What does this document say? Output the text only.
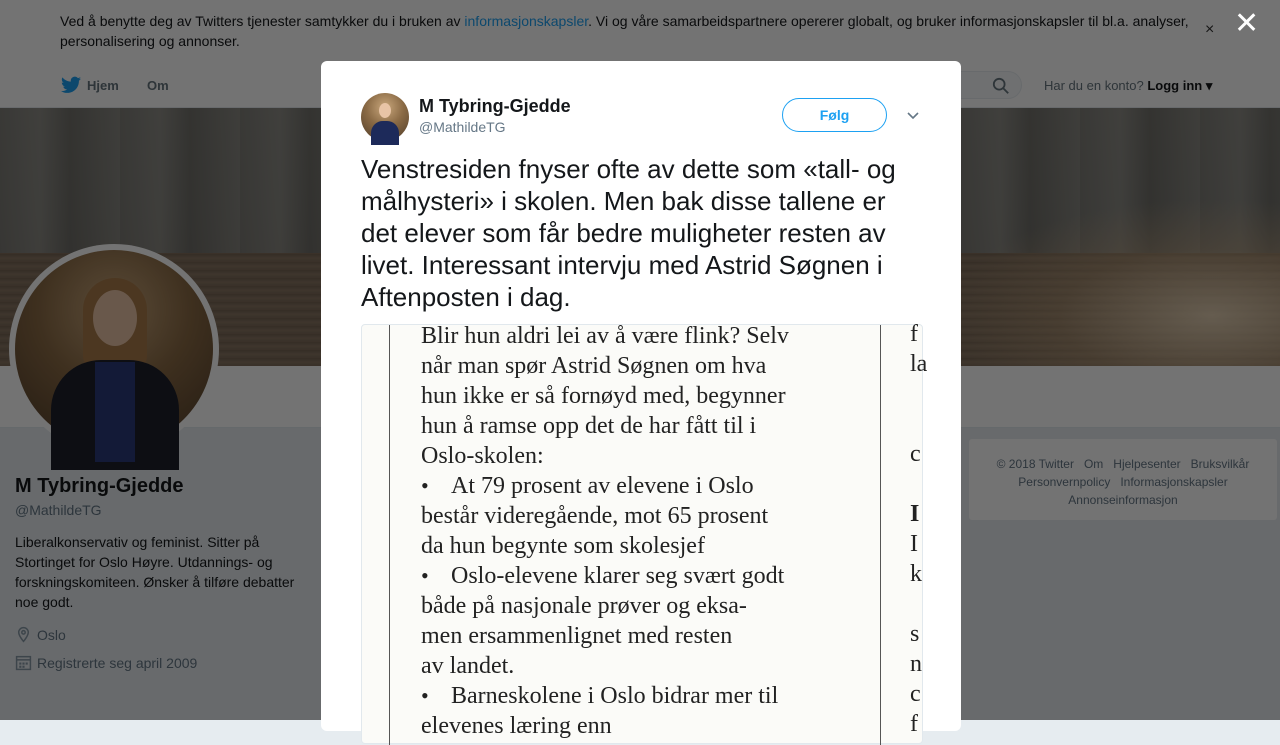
✕
M Tybring-Gjedde
@MathildeTG
Følg
Venstresiden fnyser ofte av dette som «tall- og målhysteri» i skolen. Men bak disse tallene er det elever som får bedre muligheter resten av livet. Interessant intervju med Astrid Søgnen i Aftenposten i dag.
Blir hun aldri lei av å være flink? Selv
når man spør Astrid Søgnen om hva
hun ikke er så fornøyd med, begynner
hun å ramse opp det de har fått til i
Oslo-skolen:
• At 79 prosent av elevene i Oslo
består videregående, mot 65 prosent
da hun begynte som skolesjef
• Oslo-elevene klarer seg svært godt
både på nasjonale prøver og eksa-
men ersammenlignet med resten
av landet.
• Barneskolene i Oslo bidrar mer til
elevenes læring enn
f
la
c
I
I
k
s
n
c
f
